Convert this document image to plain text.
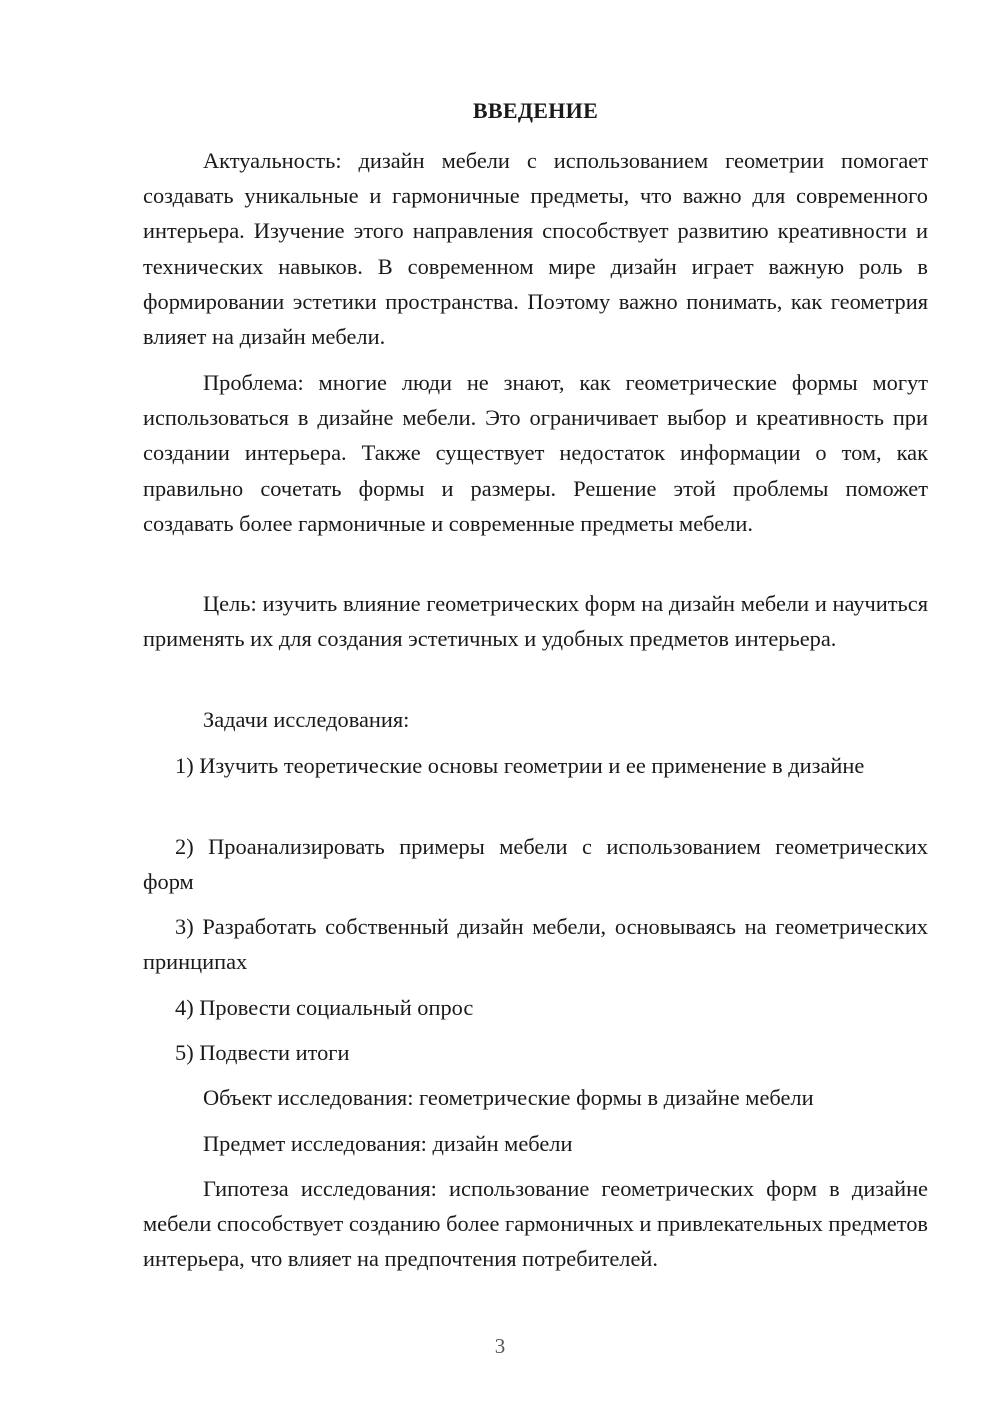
ВВЕДЕНИЕ

Актуальность: дизайн мебели с использованием геометрии помогает создавать уникальные и гармоничные предметы, что важно для современного интерьера. Изучение этого направления способствует развитию креативности и технических навыков. В современном мире дизайн играет важную роль в формировании эстетики пространства. Поэтому важно понимать, как геометрия влияет на дизайн мебели.

Проблема: многие люди не знают, как геометрические формы могут использоваться в дизайне мебели. Это ограничивает выбор и креативность при создании интерьера. Также существует недостаток информации о том, как правильно сочетать формы и размеры. Решение этой проблемы поможет создавать более гармоничные и современные предметы мебели.

Цель: изучить влияние геометрических форм на дизайн мебели и научиться применять их для создания эстетичных и удобных предметов интерьера.

Задачи исследования:

1) Изучить теоретические основы геометрии и ее применение в дизайне

2) Проанализировать примеры мебели с использованием геометрических форм

3) Разработать собственный дизайн мебели, основываясь на геометрических принципах

4) Провести социальный опрос

5) Подвести итоги

Объект исследования: геометрические формы в дизайне мебели

Предмет исследования: дизайн мебели

Гипотеза исследования: использование геометрических форм в дизайне мебели способствует созданию более гармоничных и привлекательных предметов интерьера, что влияет на предпочтения потребителей.

3
